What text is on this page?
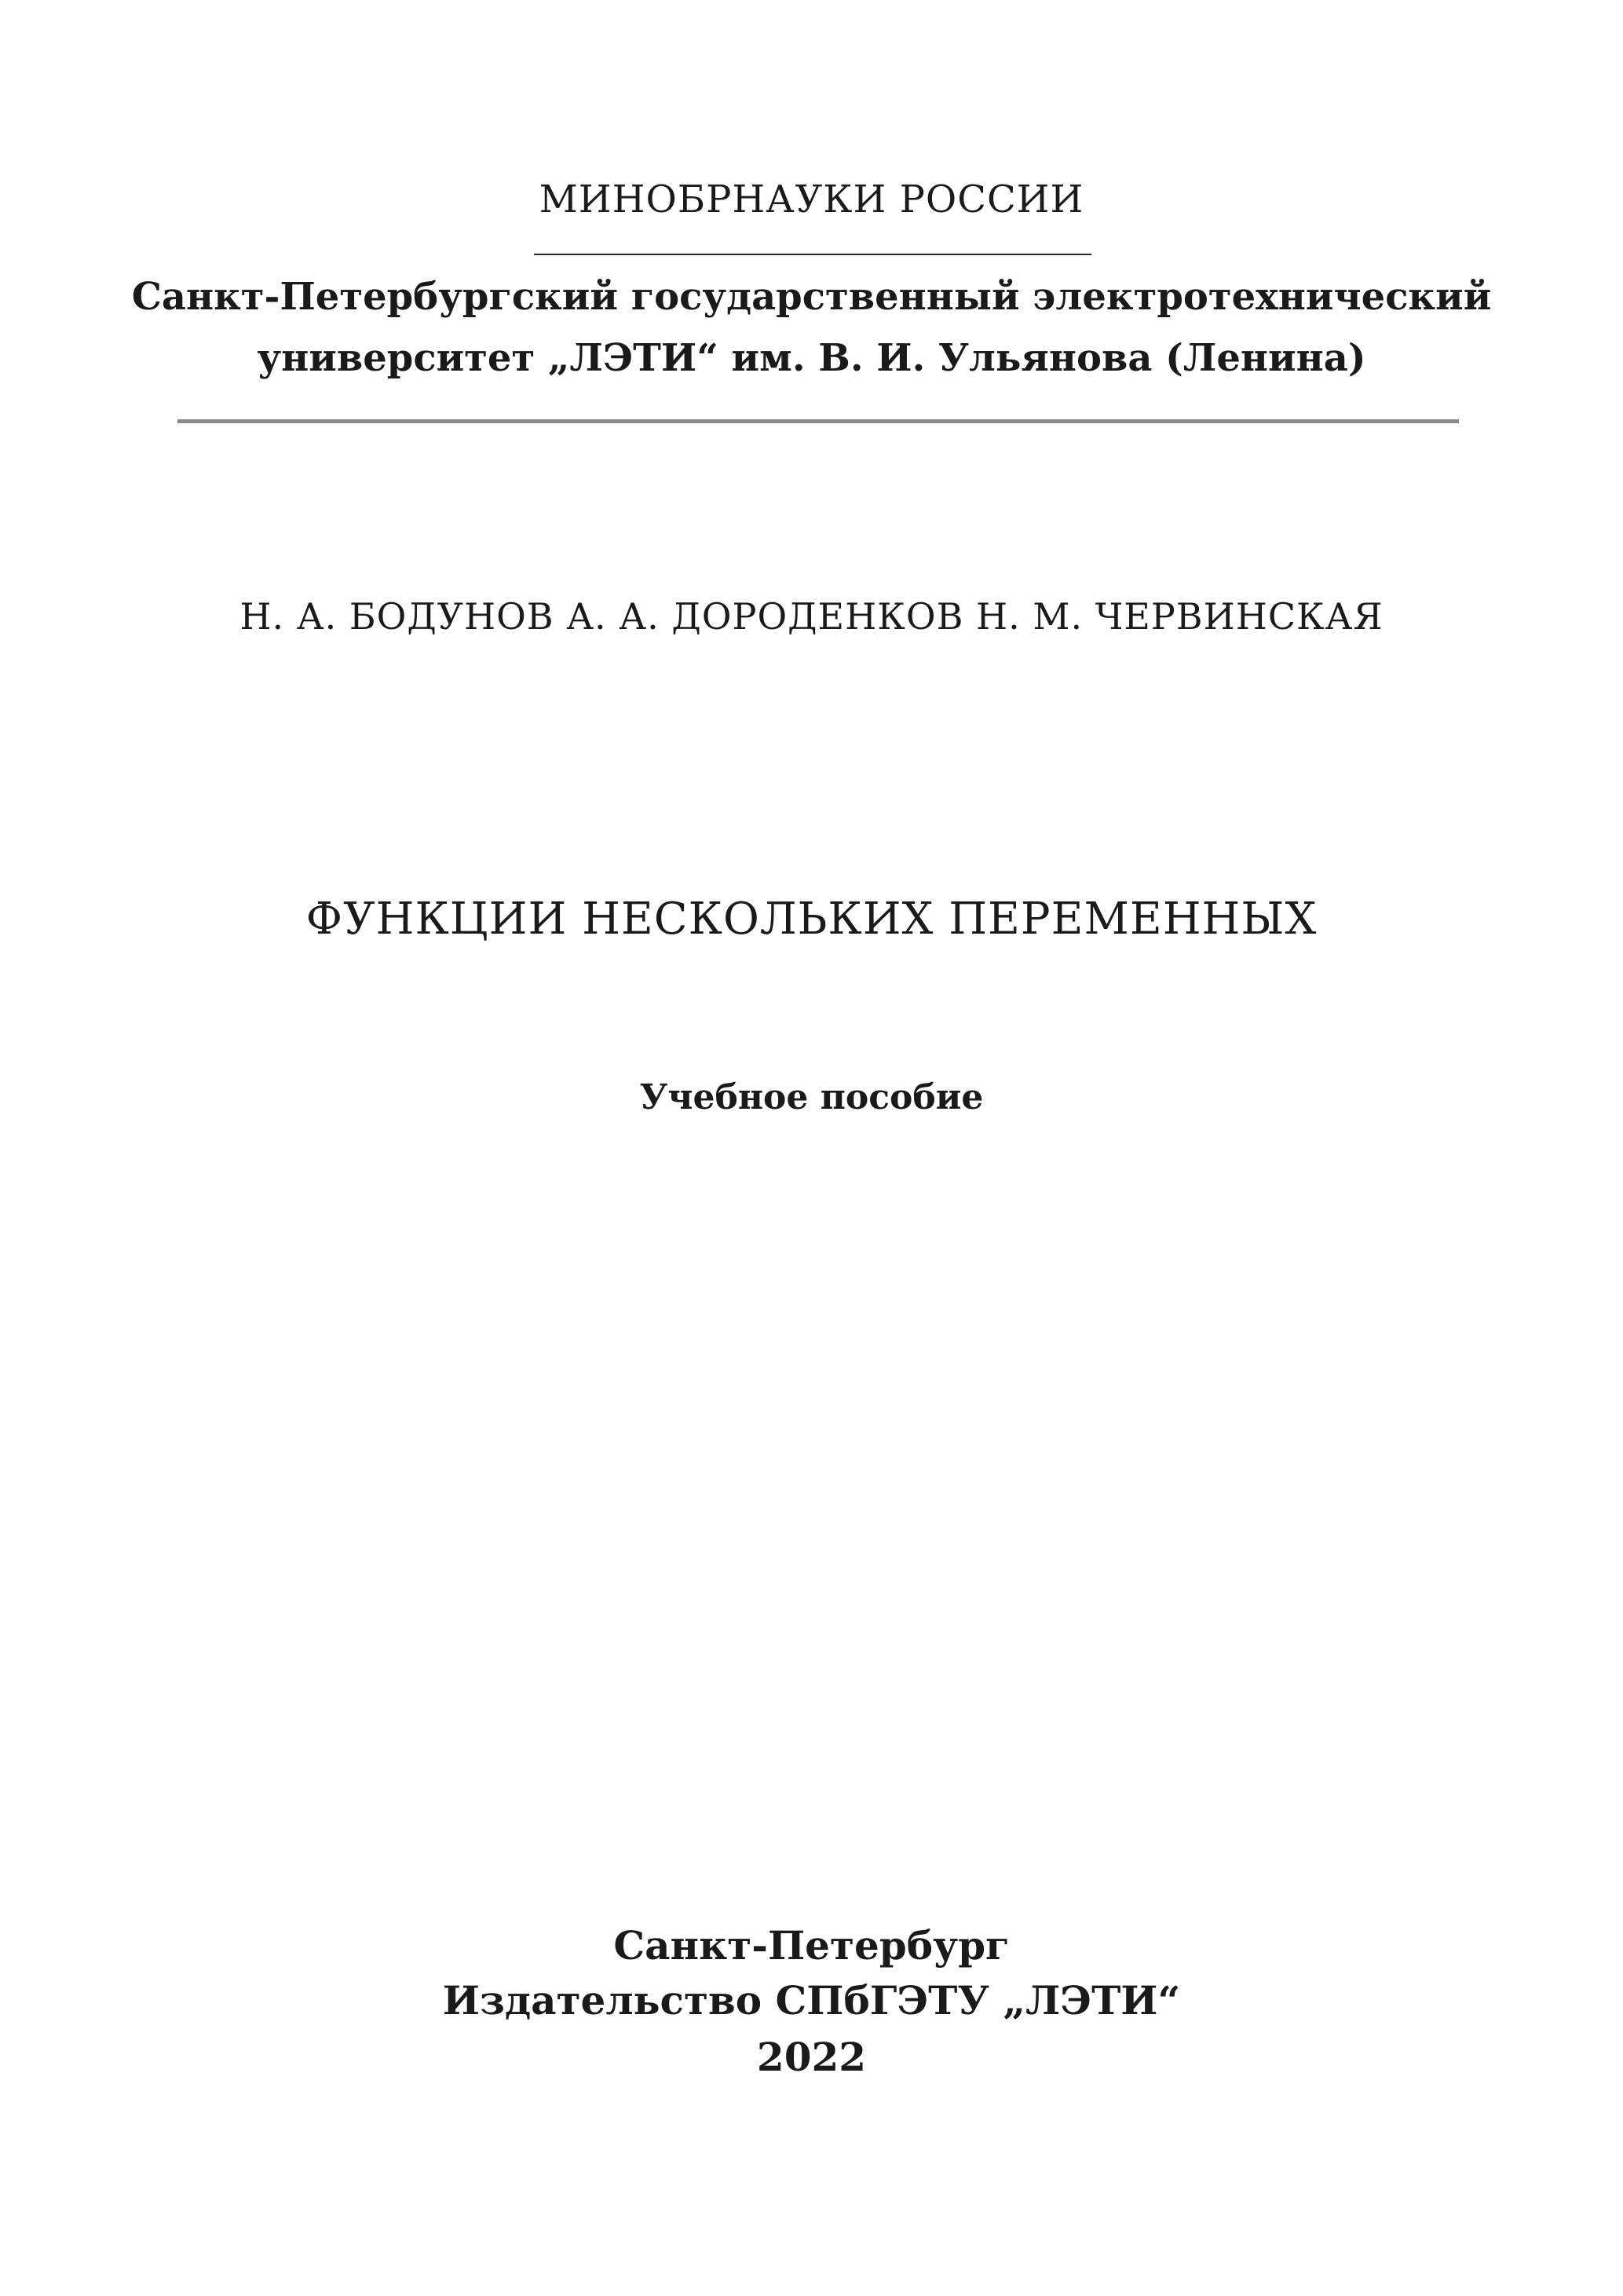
МИНОБРНАУКИ РОССИИ
Санкт-Петербургский государственный электротехнический
университет „ЛЭТИ“ им. В. И. Ульянова (Ленина)
Н. А. БОДУНОВ А. А. ДОРОДЕНКОВ Н. М. ЧЕРВИНСКАЯ
ФУНКЦИИ НЕСКОЛЬКИХ ПЕРЕМЕННЫХ
Учебное пособие
Санкт-Петербург
Издательство СПбГЭТУ „ЛЭТИ“
2022
